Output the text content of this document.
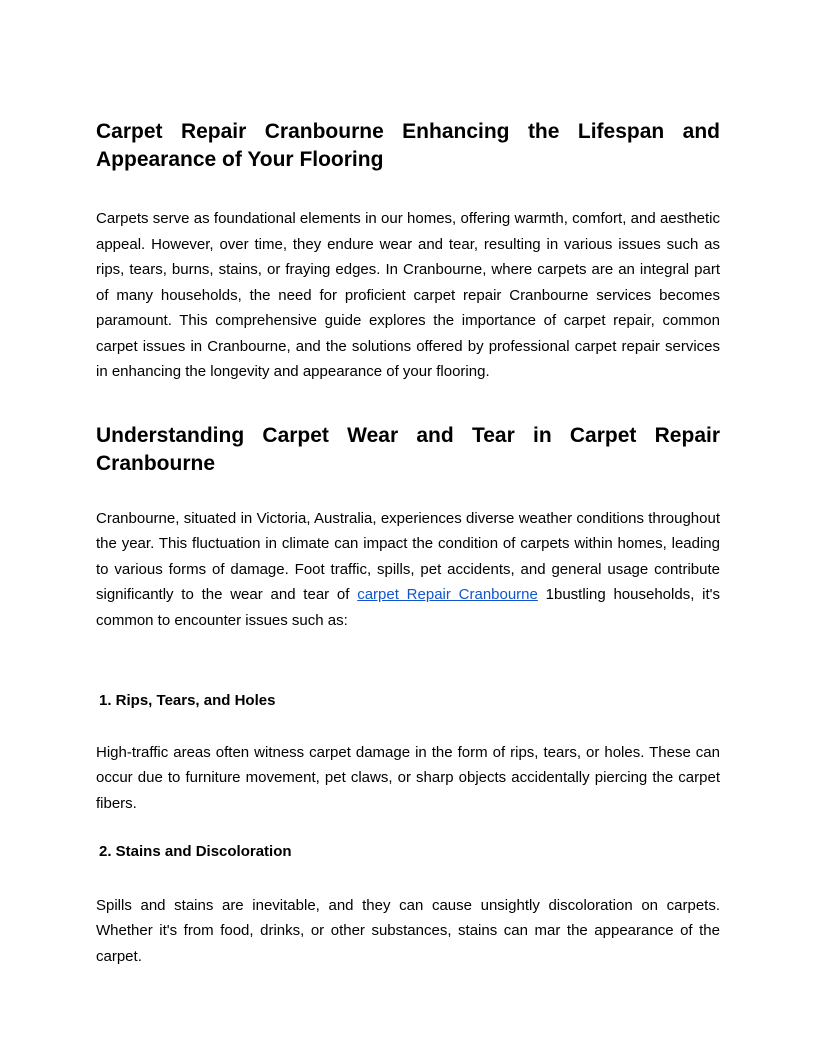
Carpet Repair Cranbourne Enhancing the Lifespan and Appearance of Your Flooring

Carpets serve as foundational elements in our homes, offering warmth, comfort, and aesthetic appeal. However, over time, they endure wear and tear, resulting in various issues such as rips, tears, burns, stains, or fraying edges. In Cranbourne, where carpets are an integral part of many households, the need for proficient carpet repair Cranbourne services becomes paramount. This comprehensive guide explores the importance of carpet repair, common carpet issues in Cranbourne, and the solutions offered by professional carpet repair services in enhancing the longevity and appearance of your flooring.

Understanding Carpet Wear and Tear in Carpet Repair Cranbourne

Cranbourne, situated in Victoria, Australia, experiences diverse weather conditions throughout the year. This fluctuation in climate can impact the condition of carpets within homes, leading to various forms of damage. Foot traffic, spills, pet accidents, and general usage contribute significantly to the wear and tear of carpet Repair Cranbourne 1bustling households, it's common to encounter issues such as:

1. Rips, Tears, and Holes

High-traffic areas often witness carpet damage in the form of rips, tears, or holes. These can occur due to furniture movement, pet claws, or sharp objects accidentally piercing the carpet fibers.

2. Stains and Discoloration

Spills and stains are inevitable, and they can cause unsightly discoloration on carpets. Whether it's from food, drinks, or other substances, stains can mar the appearance of the carpet.
